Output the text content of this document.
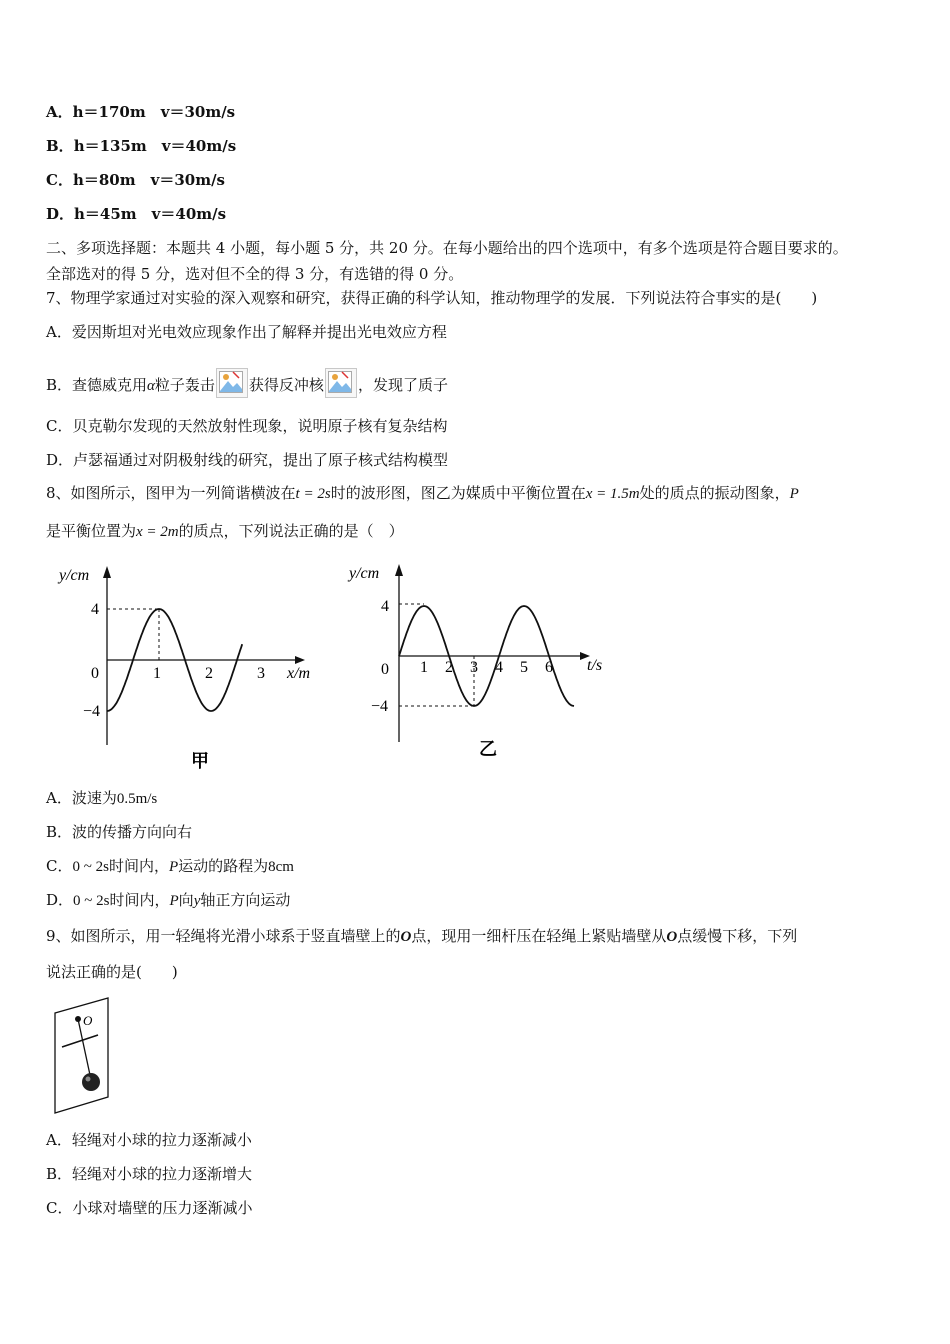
A．h＝170m　v＝30m/s
B．h＝135m　v＝40m/s
C．h＝80m　v＝30m/s
D．h＝45m　v＝40m/s
二、多项选择题：本题共 4 小题，每小题 5 分，共 20 分。在每小题给出的四个选项中，有多个选项是符合题目要求的。
全部选对的得 5 分，选对但不全的得 3 分，有选错的得 0 分。
7、物理学家通过对实验的深入观察和研究，获得正确的科学认知，推动物理学的发展．下列说法符合事实的是(　　)
A．爱因斯坦对光电效应现象作出了解释并提出光电效应方程
B．查德威克用α粒子轰击 获得反冲核 ，发现了质子
C．贝克勒尔发现的天然放射性现象，说明原子核有复杂结构
D．卢瑟福通过对阴极射线的研究，提出了原子核式结构模型
8、如图所示，图甲为一列简谐横波在t = 2s时的波形图，图乙为媒质中平衡位置在x = 1.5m处的质点的振动图象，P
是平衡位置为x = 2m的质点，下列说法正确的是（　）
y/cm
x/m
4
−4
0	1	2	3
甲
y/cm
t/s
4
−4
0 1 2 3 4 5 6
乙
A．波速为0.5m/s
B．波的传播方向向右
C．0 ~ 2s时间内，P运动的路程为8cm
D．0 ~ 2s时间内，P向y轴正方向运动
9、如图所示，用一轻绳将光滑小球系于竖直墙壁上的O点，现用一细杆压在轻绳上紧贴墙壁从O点缓慢下移，下列
说法正确的是(　　)
O
A．轻绳对小球的拉力逐渐减小
B．轻绳对小球的拉力逐渐增大
C．小球对墙壁的压力逐渐减小
